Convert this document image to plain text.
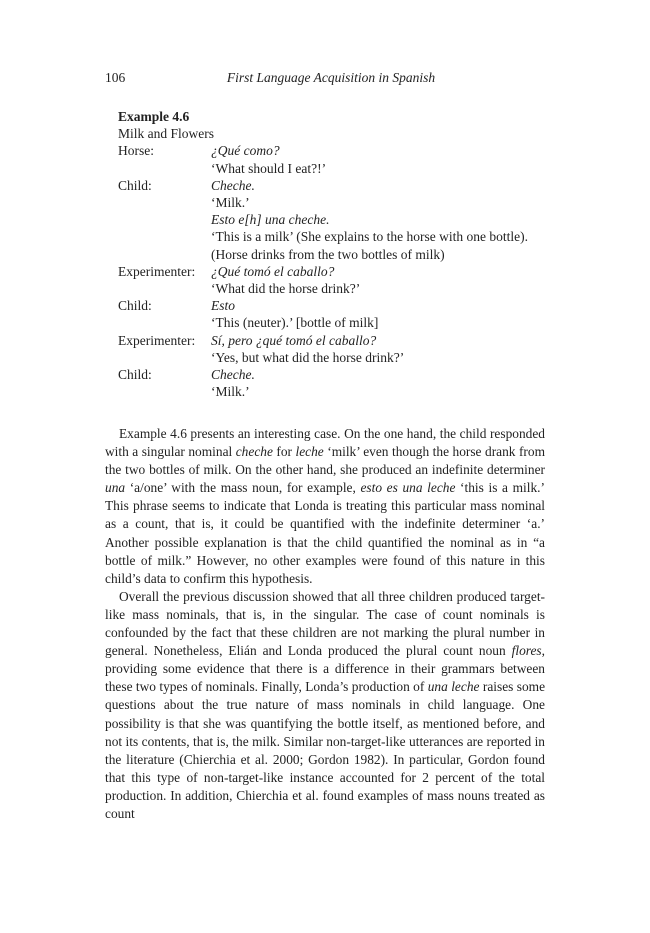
106	First Language Acquisition in Spanish
Example 4.6
Milk and Flowers
Horse:	¿Qué como?
‘What should I eat?!’
Child:	Cheche.
‘Milk.’
Esto e[h] una cheche.
‘This is a milk’ (She explains to the horse with one bottle).
(Horse drinks from the two bottles of milk)
Experimenter:	¿Qué tomó el caballo?
‘What did the horse drink?’
Child:	Esto
‘This (neuter).’ [bottle of milk]
Experimenter:	Sí, pero ¿qué tomó el caballo?
‘Yes, but what did the horse drink?’
Child:	Cheche.
‘Milk.’

Example 4.6 presents an interesting case. On the one hand, the child responded with a singular nominal cheche for leche ‘milk’ even though the horse drank from the two bottles of milk. On the other hand, she produced an indefinite determiner una ‘a/one’ with the mass noun, for example, esto es una leche ‘this is a milk.’ This phrase seems to indicate that Londa is treating this particular mass nominal as a count, that is, it could be quantified with the indefinite determiner ‘a.’ Another possible explanation is that the child quantified the nominal as in “a bottle of milk.” However, no other examples were found of this nature in this child’s data to confirm this hypothesis.

Overall the previous discussion showed that all three children produced target-like mass nominals, that is, in the singular. The case of count nominals is confounded by the fact that these children are not marking the plural number in general. Nonetheless, Elián and Londa produced the plural count noun flores, providing some evidence that there is a difference in their grammars between these two types of nominals. Finally, Londa’s production of una leche raises some questions about the true nature of mass nominals in child language. One possibility is that she was quantifying the bottle itself, as mentioned before, and not its contents, that is, the milk. Similar non-target-like utterances are reported in the literature (Chierchia et al. 2000; Gordon 1982). In particular, Gordon found that this type of non-target-like instance accounted for 2 percent of the total production. In addition, Chierchia et al. found examples of mass nouns treated as count
